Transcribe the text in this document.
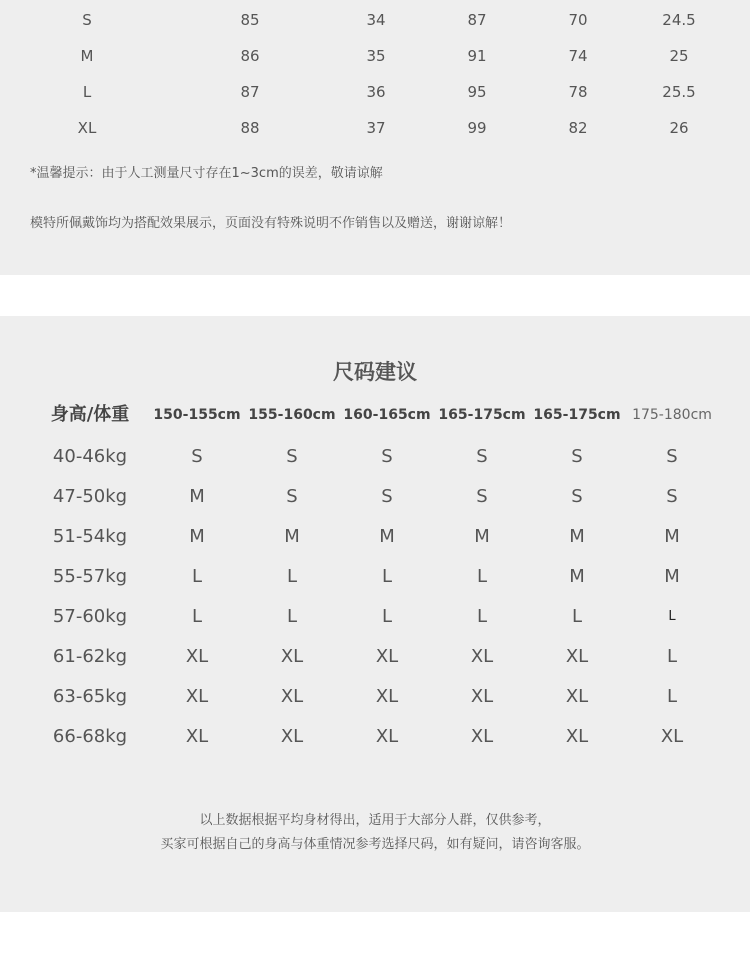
S	85	34	87	70	24.5
M	86	35	91	74	25
L	87	36	95	78	25.5
XL	88	37	99	82	26
*温馨提示：由于人工测量尺寸存在1~3cm的误差，敬请谅解
模特所佩戴饰均为搭配效果展示，页面没有特殊说明不作销售以及赠送，谢谢谅解！
尺码建议
身高/体重 150-155cm 155-160cm 160-165cm 165-175cm 165-175cm 175-180cm
40-46kg	S	S	S	S	S	S
47-50kg	M	S	S	S	S	S
51-54kg	M	M	M	M	M	M
55-57kg	L	L	L	L	M	M
57-60kg	L	L	L	L	L	L
61-62kg	XL	XL	XL	XL	XL	L
63-65kg	XL	XL	XL	XL	XL	L
66-68kg	XL	XL	XL	XL	XL	XL
以上数据根据平均身材得出，适用于大部分人群，仅供参考，
买家可根据自己的身高与体重情况参考选择尺码，如有疑问，请咨询客服。
